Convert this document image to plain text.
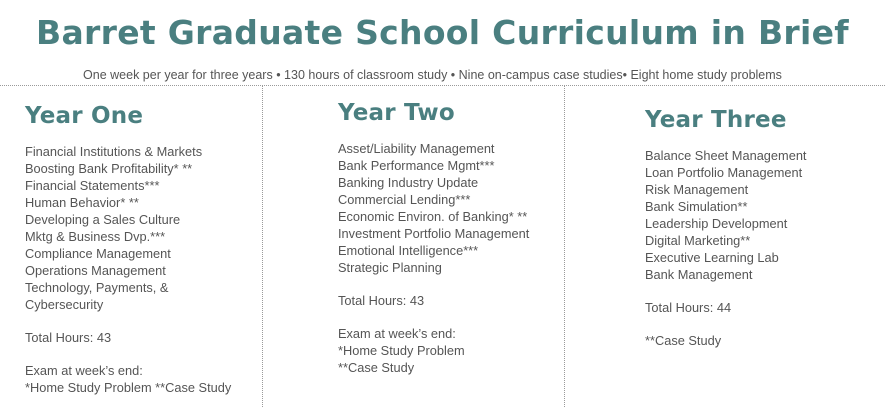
Barret Graduate School Curriculum in Brief
One week per year for three years • 130 hours of classroom study • Nine on-campus case studies• Eight home study problems
Year One
Financial Institutions & Markets
Boosting Bank Profitability* **
Financial Statements***
Human Behavior* **
Developing a Sales Culture
Mktg & Business Dvp.***
Compliance Management
Operations Management
Technology, Payments, &
Cybersecurity

Total Hours: 43

Exam at week’s end:

*Home Study Problem **Case Study

Year Two
Asset/Liability Management
Bank Performance Mgmt***
Banking Industry Update
Commercial Lending***
Economic Environ. of Banking* **
Investment Portfolio Management
Emotional Intelligence***
Strategic Planning

Total Hours: 43

Exam at week’s end:

*Home Study Problem

**Case Study

Year Three
Balance Sheet Management
Loan Portfolio Management
Risk Management
Bank Simulation**
Leadership Development
Digital Marketing**
Executive Learning Lab
Bank Management

Total Hours: 44

**Case Study
